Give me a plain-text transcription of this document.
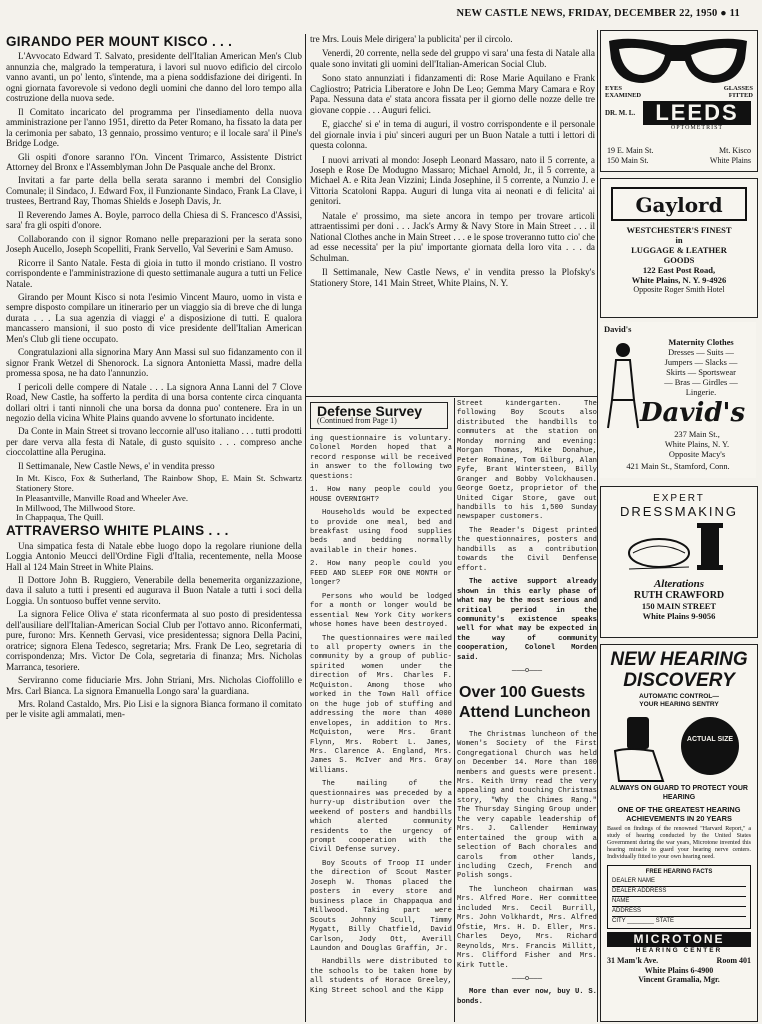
NEW CASTLE NEWS, FRIDAY, DECEMBER 22, 1950 ● 11
GIRANDO PER MOUNT KISCO . . .

L'Avvocato Edward T. Salvato, presidente dell'Italian American Men's Club annunzia che, malgrado la temperatura, i lavori sul nuovo edificio del circolo vanno avanti, un po' lento, s'intende, ma a piena soddisfazione dei dirigenti. In ogni giornata favorevole si vedono degli uomini che danno del loro tempo alla costruzione della nuova sede.

Il Comitato incaricato del programma per l'insediamento della nuova amministrazione per l'anno 1951, diretto da Peter Romano, ha fissato la data per la cerimonia per sabato, 13 gennaio, prossimo venturo; e il locale sara' il Pine's Bridge Lodge.

Gli ospiti d'onore saranno l'On. Vincent Trimarco, Assistente District Attorney del Bronx e l'Assemblyman John De Pasquale anche del Bronx.

Invitati a far parte della bella serata saranno i membri del Consiglio Comunale; il Sindaco, J. Edward Fox, il Funzionante Sindaco, Frank La Clave, i trustees, Bertrand Ray, Thomas Shields e Joseph Davis, Jr.

Il Reverendo James A. Boyle, parroco della Chiesa di S. Francesco d'Assisi, sara' fra gli ospiti d'onore.

Collaborando con il signor Romano nelle preparazioni per la serata sono Joseph Aucello, Joseph Scopelliti, Frank Servello, Val Severini e Sam Amuso.

Ricorre il Santo Natale. Festa di gioia in tutto il mondo cristiano. Il vostro corrispondente e l'amministrazione di questo settimanale augura a tutti un Felice Natale.

Girando per Mount Kisco si nota l'esimio Vincent Mauro, uomo in vista e sempre disposto compilare un itinerario per un viaggio sia di breve che di lunga durata . . . La sua agenzia di viaggi e' a disposizione di tutti. E qualora mancassero mansioni, il suo posto di vice presidente dell'Italian American Men's Club gli tiene occupato.

Congratulazioni alla signorina Mary Ann Massi sul suo fidanzamento con il signor Frank Wetzel di Shenorock. La signora Antonietta Massi, madre della promessa sposa, ne ha dato l'annunzio.

I pericoli delle compere di Natale . . . La signora Anna Lanni del 7 Clove Road, New Castle, ha sofferto la perdita di una borsa contente circa cinquanta dollari oltri i tanti ninnoli che una borsa da donna puo' contenere. Era in un negozio della vicina White Plains quando avvene lo sfortunato incidente.

Da Conte in Main Street si trovano leccornie all'uso italiano . . . tutti prodotti per dare verva alla festa di Natale, di gusto squisito . . . compreso anche cioccolattine alla Perugina.

Il Settimanale, New Castle News, e' in vendita presso

In Mt. Kisco, Fox & Sutherland, The Rainbow Shop, E. Main St. Schwartz Stationery Store.

In Pleasantville, Manville Road and Wheeler Ave.

In Millwood, The Millwood Store.

In Chappaqua, The Quill.

ATTRAVERSO WHITE PLAINS . . .

Una simpatica festa di Natale ebbe luogo dopo la regolare riunione della Loggia Antonio Meucci dell'Ordine Figli d'Italia, recentemente, nella Moose Hall al 124 Main Street in White Plains.

Il Dottore John B. Ruggiero, Venerabile della benemerita organizzazione, dava il saluto a tutti i presenti ed augurava il Buon Natale a tutti i soci della Loggia. Un sontuoso buffet venne servito.

La signora Felice Oliva e' stata riconfermata al suo posto di presidentessa dell'ausiliare dell'Italian-American Social Club per l'ottavo anno. Riconfermati, pure, furono: Mrs. Kenneth Gervasi, vice presidentessa; signora Della Pacini, oratrice; signora Elena Tedesco, segretaria; Mrs. Frank De Leo, segretaria di corrispondenza; Mrs. Victor De Cola, segretaria di finanza; Mrs. Nicholas Marranca, tesoriere.

Serviranno come fiduciarie Mrs. John Striani, Mrs. Nicholas Cioffolillo e Mrs. Carl Bianca. La signora Emanuella Longo sara' la guardiana.

Mrs. Roland Castaldo, Mrs. Pio Lisi e la signora Bianca formano il comitato per le visite agli ammalati, men-

tre Mrs. Louis Mele dirigera' la publicita' per il circolo.

Venerdi, 20 corrente, nella sede del gruppo vi sara' una festa di Natale alla quale sono invitati gli uomini dell'Italian-American Social Club.

Sono stato annunziati i fidanzamenti di: Rose Marie Aquilano e Frank Cagliostro; Patricia Liberatore e John De Leo; Gemma Mary Camara e Roy Papa. Nessuna data e' stata ancora fissata per il giorno delle nozze delle tre giovane coppie . . . Auguri felici.

E, giacche' si e' in tema di auguri, il vostro corrispondente e il personale del giornale invia i piu' sinceri auguri per un Buon Natale a tutti i lettori di questa colonna.

I nuovi arrivati al mondo: Joseph Leonard Massaro, nato il 5 corrente, a Joseph e Rose De Modugno Massaro; Michael Arnold, Jr., il 5 corrente, a Michael A. e Rita Jean Vizzini; Linda Josephine, il 5 corrente, a Nunzio J. e Vittoria Scatoloni Rappa. Auguri di lunga vita ai neonati e di felicita' ai genitori.

Natale e' prossimo, ma siete ancora in tempo per trovare articoli attraentissimi per doni . . . Jack's Army & Navy Store in Main Street . . . il National Clothes anche in Main Street . . . e le spose troveranno tutto cio' che ad esse necessita' per la piu' importante giornata della loro vita . . . da Schulman.

Il Settimanale, New Castle News, e' in vendita presso la Plofsky's Stationery Store, 141 Main Street, White Plains, N. Y.

Defense Survey
(Continued from Page 1)

ing questionnaire is voluntary. Colonel Morden hoped that a record response will be received in answer to the following two questions:

1. How many people could you HOUSE OVERNIGHT?

Households would be expected to provide one meal, bed and breakfast using food supplies beds and bedding normally available in their homes.

2. How many people could you FEED AND SLEEP FOR ONE MONTH or longer?

Persons who would be lodged for a month or longer would be essential New York City workers whose homes have been destroyed.

The questionnaires were mailed to all property owners in the community by a group of public-spirited women under the direction of Mrs. Charles F. McQuiston. Among those who worked in the Town Hall office on the huge job of stuffing and addressing the more than 4000 envelopes, in addition to Mrs. McQuiston, were Mrs. Grant Flynn, Mrs. Robert L. James, Mrs. Clarence A. England, Mrs. James S. McIver and Mrs. Gray Williams.

The mailing of the questionnaires was preceded by a hurry-up distribution over the weekend of posters and handbills which alerted community residents to the urgency of prompt cooperation with the Civil Defense survey.

Boy Scouts of Troop II under the direction of Scout Master Joseph W. Thomas placed the posters in every store and business place in Chappaqua and Millwood. Taking part were Scouts Johnny Scull, Timmy Mygatt, Billy Chatfield, David Carlson, Jody Ott, Averill Laundon and Douglas Graffin, Jr.

Handbills were distributed to the schools to be taken home by all students of Horace Greeley, King Street school and the Kipp

Street kindergarten. The following Boy Scouts also distributed the handbills to commuters at the station on Monday morning and evening: Morgan Thomas, Mike Donahue, Peter Romaine, Tom Gilburg, Alan Fyfe, Brant Wintersteen, Billy Granger and Bobby Volckhausen. George Goetz, proprietor of the United Cigar Store, gave out handbills to his 1,500 Sunday newspaper customers.

The Reader's Digest printed the questionnaires, posters and handbills as a contribution towards the Civil Denfense effort.

The active support already shown in this early phase of what may be the most serious and critical period in the community's existence speaks well for what may be expected in the way of community cooperation, Colonel Morden said.

———o———
Over 100 Guests Attend Luncheon

The Christmas luncheon of the Women's Society of the First Congregational Church was held on December 14. More than 100 members and guests were present. Mrs. Keith Urmy read the very appealing and touching Christmas story, "Why the Chimes Rang." The Thursday Singing Group under the very capable leadership of Mrs. J. Callender Heminway entertained the group with a selection of Bach chorales and carols from other lands, including Czech, French and Polish songs.

The luncheon chairman was Mrs. Alfred More. Her committee included Mrs. Cecil Burrill, Mrs. John Volkhardt, Mrs. Alfred Ofstie, Mrs. H. D. Eller, Mrs. Charles Deyo, Mrs. Richard Reynolds, Mrs. Francis Millitt, Mrs. Clifford Fisher and Mrs. Kirk Tuttle.

———o———

More than ever now, buy U. S. bonds.

EYES EXAMINED
GLASSES FITTED
DR. M. L. LEEDS
OPTOMETRIST
19 E. Main St.	Mt. Kisco
150 Main St.	White Plains
Gaylord
WESTCHESTER'S FINEST
in
LUGGAGE & LEATHER
GOODS
122 East Post Road,
White Plains, N. Y. 9-4926
Opposite Roger Smith Hotel
David's
Maternity Clothes
Dresses — Suits —
Jumpers — Slacks —
Skirts — Sportswear
— Bras — Girdles —
Lingerie.
David's
237 Main St.,
White Plains, N. Y.
Opposite Macy's
421 Main St., Stamford, Conn.
EXPERT
DRESSMAKING
Alterations
RUTH CRAWFORD
150 MAIN STREET
White Plains 9-9056
NEW HEARING DISCOVERY
AUTOMATIC CONTROL—
YOUR HEARING SENTRY
ACTUAL SIZE
ALWAYS ON GUARD TO PROTECT YOUR HEARING
ONE OF THE GREATEST HEARING
ACHIEVEMENTS IN 20 YEARS
Based on findings of the renowned "Harvard Report," a study of hearing conducted by the United States Government during the war years, Microtone invented this hearing miracle to guard your hearing nerve centers. Individually fitted to your own hearing need.
FREE HEARING FACTS
DEALER NAME
DEALER ADDRESS
NAME
ADDRESS
CITY ________ STATE
MICROTONE
HEARING CENTER
31 Mam'k Ave.	Room 401
White Plains 6-4900
Vincent Gramalia, Mgr.
